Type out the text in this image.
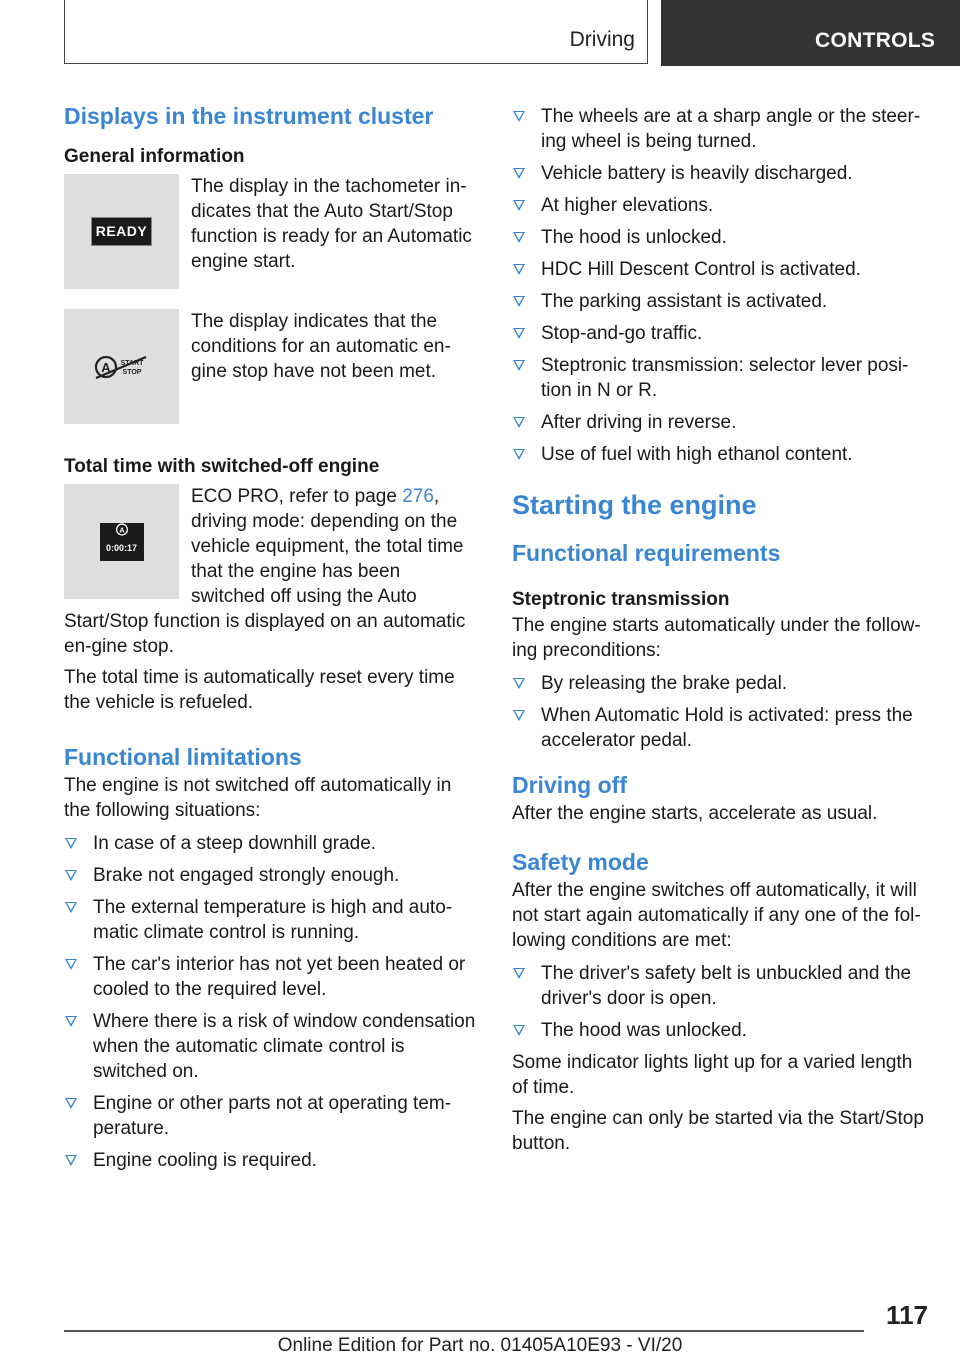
Driving	CONTROLS
Displays in the instrument cluster
General information
READY
The display in the tachometer in-dicates that the Auto Start/Stop function is ready for an Automatic engine start.
A START
STOP
The display indicates that the conditions for an automatic en-gine stop have not been met.
Total time with switched-off engine
A
0:00:17
ECO PRO, refer to page 276, driving mode: depending on the vehicle equipment, the total time that the engine has been switched off using the Auto Start/Stop function is displayed on an automatic en-gine stop.

The total time is automatically reset every time the vehicle is refueled.

Functional limitations

The engine is not switched off automatically in the following situations:

In case of a steep downhill grade.
Brake not engaged strongly enough.
The external temperature is high and auto-matic climate control is running.
The car's interior has not yet been heated or cooled to the required level.
Where there is a risk of window condensation when the automatic climate control is switched on.
Engine or other parts not at operating tem-perature.
Engine cooling is required.
The wheels are at a sharp angle or the steer-ing wheel is being turned.
Vehicle battery is heavily discharged.
At higher elevations.
The hood is unlocked.
HDC Hill Descent Control is activated.
The parking assistant is activated.
Stop-and-go traffic.
Steptronic transmission: selector lever posi-tion in N or R.
After driving in reverse.
Use of fuel with high ethanol content.
Starting the engine
Functional requirements
Steptronic transmission

The engine starts automatically under the follow-ing preconditions:

By releasing the brake pedal.
When Automatic Hold is activated: press the accelerator pedal.
Driving off

After the engine starts, accelerate as usual.

Safety mode

After the engine switches off automatically, it will not start again automatically if any one of the fol-lowing conditions are met:

The driver's safety belt is unbuckled and the driver's door is open.
The hood was unlocked.

Some indicator lights light up for a varied length of time.

The engine can only be started via the Start/Stop button.

117
Online Edition for Part no. 01405A10E93 - VI/20
